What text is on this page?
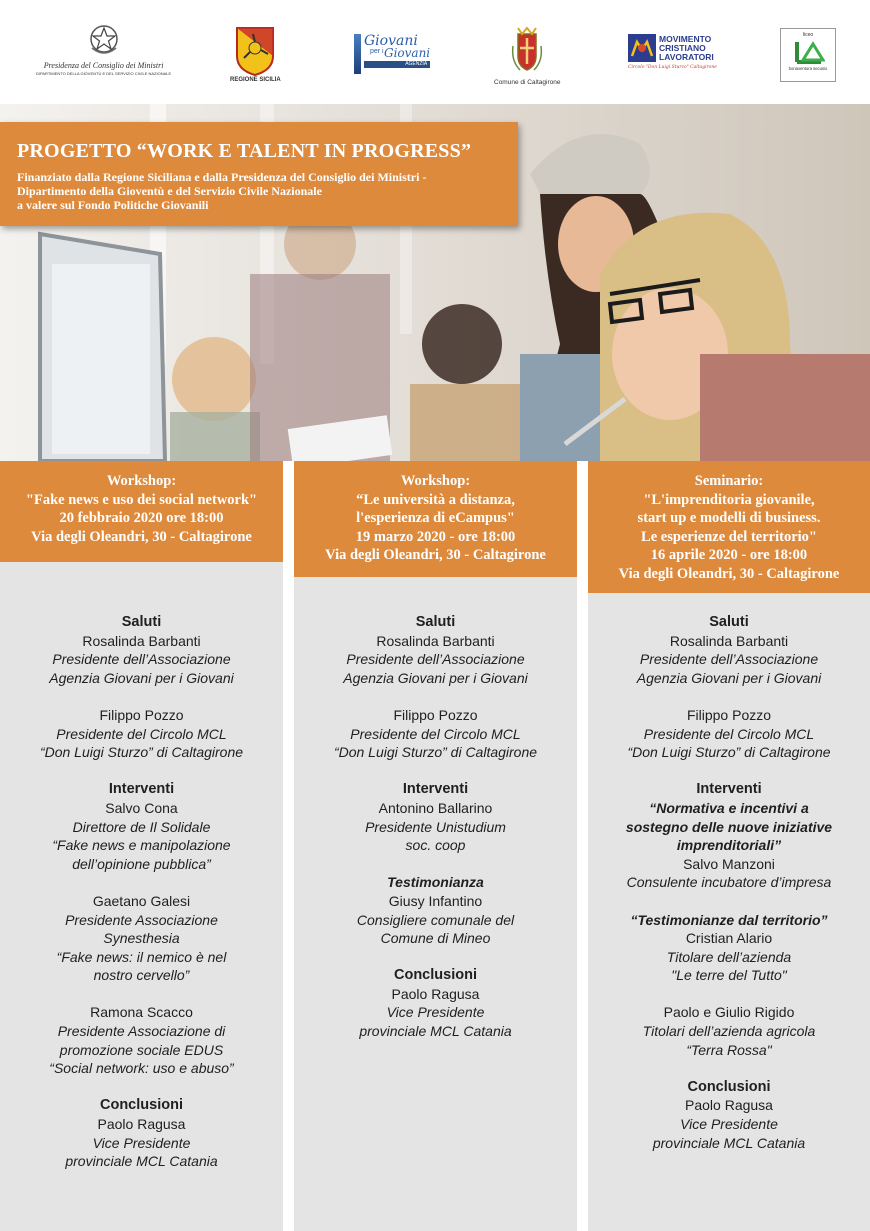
Presidenza del Consiglio dei Ministri
DIPARTIMENTO DELLA GIOVENTÙ E DEL SERVIZIO CIVILE NAZIONALE
REGIONE SICILIA
Giovani
per i Giovani
AGENZIA
Comune di Caltagirone
MOVIMENTO
CRISTIANO
LAVORATORI
Circolo "Don Luigi Sturzo" Caltagirone
liceo
bonaventura secusio
PROGETTO “WORK E TALENT IN PROGRESS”
Finanziato dalla Regione Siciliana e dalla Presidenza del Consiglio dei Ministri -
Dipartimento della Gioventù e del Servizio Civile Nazionale
a valere sul Fondo Politiche Giovanili
Workshop:
"Fake news e uso dei social network"
20 febbraio 2020 ore 18:00
Via degli Oleandri, 30 - Caltagirone
Saluti
Rosalinda Barbanti
Presidente dell’Associazione
Agenzia Giovani per i Giovani
Filippo Pozzo
Presidente del Circolo MCL
“Don Luigi Sturzo” di Caltagirone
Interventi
Salvo Cona
Direttore de Il Solidale
“Fake news e manipolazione
dell’opinione pubblica”
Gaetano Galesi
Presidente Associazione
Synesthesia
“Fake news: il nemico è nel
nostro cervello”
Ramona Scacco
Presidente Associazione di
promozione sociale EDUS
“Social network: uso e abuso”
Conclusioni
Paolo Ragusa
Vice Presidente
provinciale MCL Catania
Workshop:
“Le università a distanza,
l'esperienza di eCampus"
19 marzo 2020 - ore 18:00
Via degli Oleandri, 30 - Caltagirone
Saluti
Rosalinda Barbanti
Presidente dell’Associazione
Agenzia Giovani per i Giovani
Filippo Pozzo
Presidente del Circolo MCL
“Don Luigi Sturzo” di Caltagirone
Interventi
Antonino Ballarino
Presidente Unistudium
soc. coop
Testimonianza
Giusy Infantino
Consigliere comunale del
Comune di Mineo
Conclusioni
Paolo Ragusa
Vice Presidente
provinciale MCL Catania
Seminario:
"L'imprenditoria giovanile,
start up e modelli di business.
Le esperienze del territorio"
16 aprile 2020 - ore 18:00
Via degli Oleandri, 30 - Caltagirone
Saluti
Rosalinda Barbanti
Presidente dell’Associazione
Agenzia Giovani per i Giovani
Filippo Pozzo
Presidente del Circolo MCL
“Don Luigi Sturzo” di Caltagirone
Interventi
“Normativa e incentivi a
sostegno delle nuove iniziative
imprenditoriali”
Salvo Manzoni
Consulente incubatore d’impresa
“Testimonianze dal territorio”
Cristian Alario
Titolare dell’azienda
"Le terre del Tutto"
Paolo e Giulio Rigido
Titolari dell’azienda agricola
“Terra Rossa"
Conclusioni
Paolo Ragusa
Vice Presidente
provinciale MCL Catania
